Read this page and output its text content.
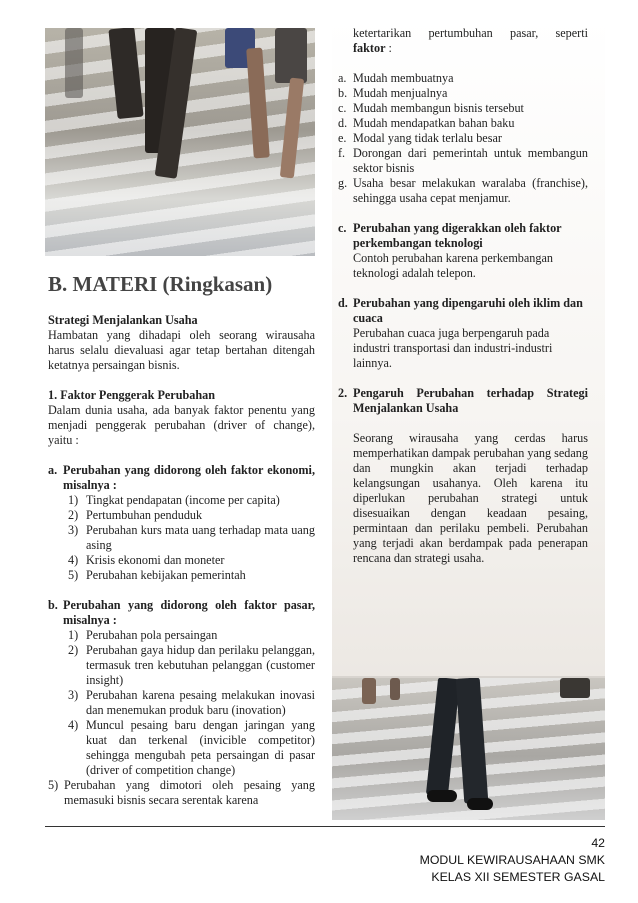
B. MATERI (Ringkasan)

Strategi Menjalankan Usaha

Hambatan yang dihadapi oleh seorang wirausaha harus selalu dievaluasi agar tetap bertahan ditengah ketatnya persaingan bisnis.

1. Faktor Penggerak Perubahan

Dalam dunia usaha, ada banyak faktor penentu yang menjadi penggerak perubahan (driver of change), yaitu :

a. Perubahan yang didorong oleh faktor ekonomi, misalnya :
1) Tingkat pendapatan (income per capita)
2) Pertumbuhan penduduk
3) Perubahan kurs mata uang terhadap mata uang asing
4) Krisis ekonomi dan moneter
5) Perubahan kebijakan pemerintah
b. Perubahan yang didorong oleh faktor pasar, misalnya :
1) Perubahan pola persaingan
2) Perubahan gaya hidup dan perilaku pelanggan, termasuk tren kebutuhan pelanggan (customer insight)
3) Perubahan karena pesaing melakukan inovasi dan menemukan produk baru (inovation)
4) Muncul pesaing baru dengan jaringan yang kuat dan terkenal (invicible competitor) sehingga mengubah peta persaingan di pasar (driver of competition change)
5) Perubahan yang dimotori oleh pesaing yang memasuki bisnis secara serentak karena

ketertarikan pertumbuhan pasar, seperti

faktor :

a. Mudah membuatnya
b. Mudah menjualnya
c. Mudah membangun bisnis tersebut
d. Mudah mendapatkan bahan baku
e. Modal yang tidak terlalu besar
f. Dorongan dari pemerintah untuk membangun sektor bisnis
g. Usaha besar melakukan waralaba (franchise), sehingga usaha cepat menjamur.
c. Perubahan yang digerakkan oleh faktor perkembangan teknologi

Contoh perubahan karena perkembangan teknologi adalah telepon.

d. Perubahan yang dipengaruhi oleh iklim dan cuaca

Perubahan cuaca juga berpengaruh pada industri transportasi dan industri-industri lainnya.

2. Pengaruh Perubahan terhadap Strategi Menjalankan Usaha

Seorang wirausaha yang cerdas harus memperhatikan dampak perubahan yang sedang dan mungkin akan terjadi terhadap kelangsungan usahanya. Oleh karena itu diperlukan perubahan strategi untuk disesuaikan dengan keadaan pesaing, permintaan dan perilaku pembeli. Perubahan yang terjadi akan berdampak pada penerapan rencana dan strategi usaha.

42
MODUL KEWIRAUSAHAAN SMK
KELAS XII SEMESTER GASAL
